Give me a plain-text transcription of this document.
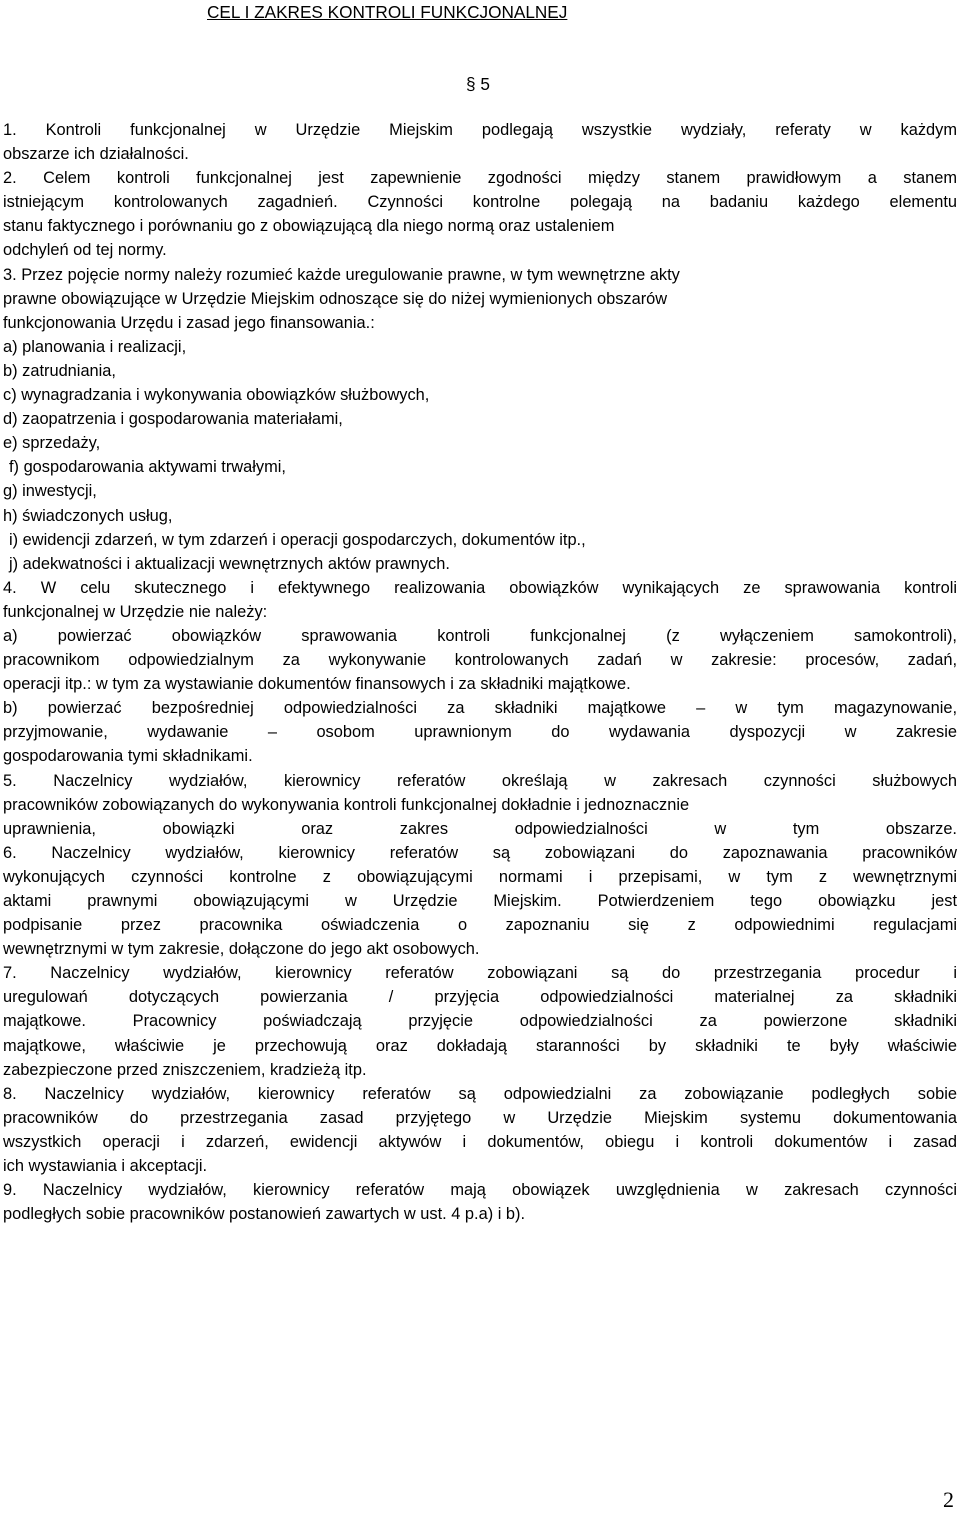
CEL I ZAKRES KONTROLI FUNKCJONALNEJ
§ 5
1. Kontroli funkcjonalnej w Urzędzie Miejskim podlegają wszystkie wydziały, referaty w każdym
obszarze ich działalności.
2. Celem kontroli funkcjonalnej jest zapewnienie zgodności między stanem prawidłowym a stanem
istniejącym kontrolowanych zagadnień. Czynności kontrolne polegają na badaniu każdego elementu
stanu faktycznego i porównaniu go z obowiązującą dla niego normą oraz ustaleniem
odchyleń od tej normy.
3. Przez pojęcie normy należy rozumieć każde uregulowanie prawne, w tym wewnętrzne akty
prawne obowiązujące w Urzędzie Miejskim odnoszące się do niżej wymienionych obszarów
funkcjonowania Urzędu i zasad jego finansowania.:
a) planowania i realizacji,
b) zatrudniania,
c) wynagradzania i wykonywania obowiązków służbowych,
d) zaopatrzenia i gospodarowania materiałami,
e) sprzedaży,
f) gospodarowania aktywami trwałymi,
g) inwestycji,
h) świadczonych usług,
i) ewidencji zdarzeń, w tym zdarzeń i operacji gospodarczych, dokumentów itp.,
j) adekwatności i aktualizacji wewnętrznych aktów prawnych.
4. W celu skutecznego i efektywnego realizowania obowiązków wynikających ze sprawowania kontroli
funkcjonalnej w Urzędzie nie należy:
a) powierzać obowiązków sprawowania kontroli funkcjonalnej (z wyłączeniem samokontroli),
pracownikom odpowiedzialnym za wykonywanie kontrolowanych zadań w zakresie: procesów, zadań,
operacji itp.: w tym za wystawianie dokumentów finansowych i za składniki majątkowe.
b) powierzać bezpośredniej odpowiedzialności za składniki majątkowe – w tym magazynowanie,
przyjmowanie, wydawanie – osobom uprawnionym do wydawania dyspozycji w zakresie
gospodarowania tymi składnikami.
5. Naczelnicy wydziałów, kierownicy referatów określają w zakresach czynności służbowych
pracowników zobowiązanych do wykonywania kontroli funkcjonalnej dokładnie i jednoznacznie
uprawnienia, obowiązki oraz zakres odpowiedzialności w tym obszarze.
6. Naczelnicy wydziałów, kierownicy referatów są zobowiązani do zapoznawania pracowników
wykonujących czynności kontrolne z obowiązującymi normami i przepisami, w tym z wewnętrznymi
aktami prawnymi obowiązującymi w Urzędzie Miejskim. Potwierdzeniem tego obowiązku jest
podpisanie przez pracownika oświadczenia o zapoznaniu się z odpowiednimi regulacjami
wewnętrznymi w tym zakresie, dołączone do jego akt osobowych.
7. Naczelnicy wydziałów, kierownicy referatów zobowiązani są do przestrzegania procedur i
uregulowań dotyczących powierzania / przyjęcia odpowiedzialności materialnej za składniki
majątkowe. Pracownicy poświadczają przyjęcie odpowiedzialności za powierzone składniki
majątkowe, właściwie je przechowują oraz dokładają staranności by składniki te były właściwie
zabezpieczone przed zniszczeniem, kradzieżą itp.
8. Naczelnicy wydziałów, kierownicy referatów są odpowiedzialni za zobowiązanie podległych sobie
pracowników do przestrzegania zasad przyjętego w Urzędzie Miejskim systemu dokumentowania
wszystkich operacji i zdarzeń, ewidencji aktywów i dokumentów, obiegu i kontroli dokumentów i zasad
ich wystawiania i akceptacji.
9. Naczelnicy wydziałów, kierownicy referatów mają obowiązek uwzględnienia w zakresach czynności
podległych sobie pracowników postanowień zawartych w ust. 4 p.a) i b).
2
